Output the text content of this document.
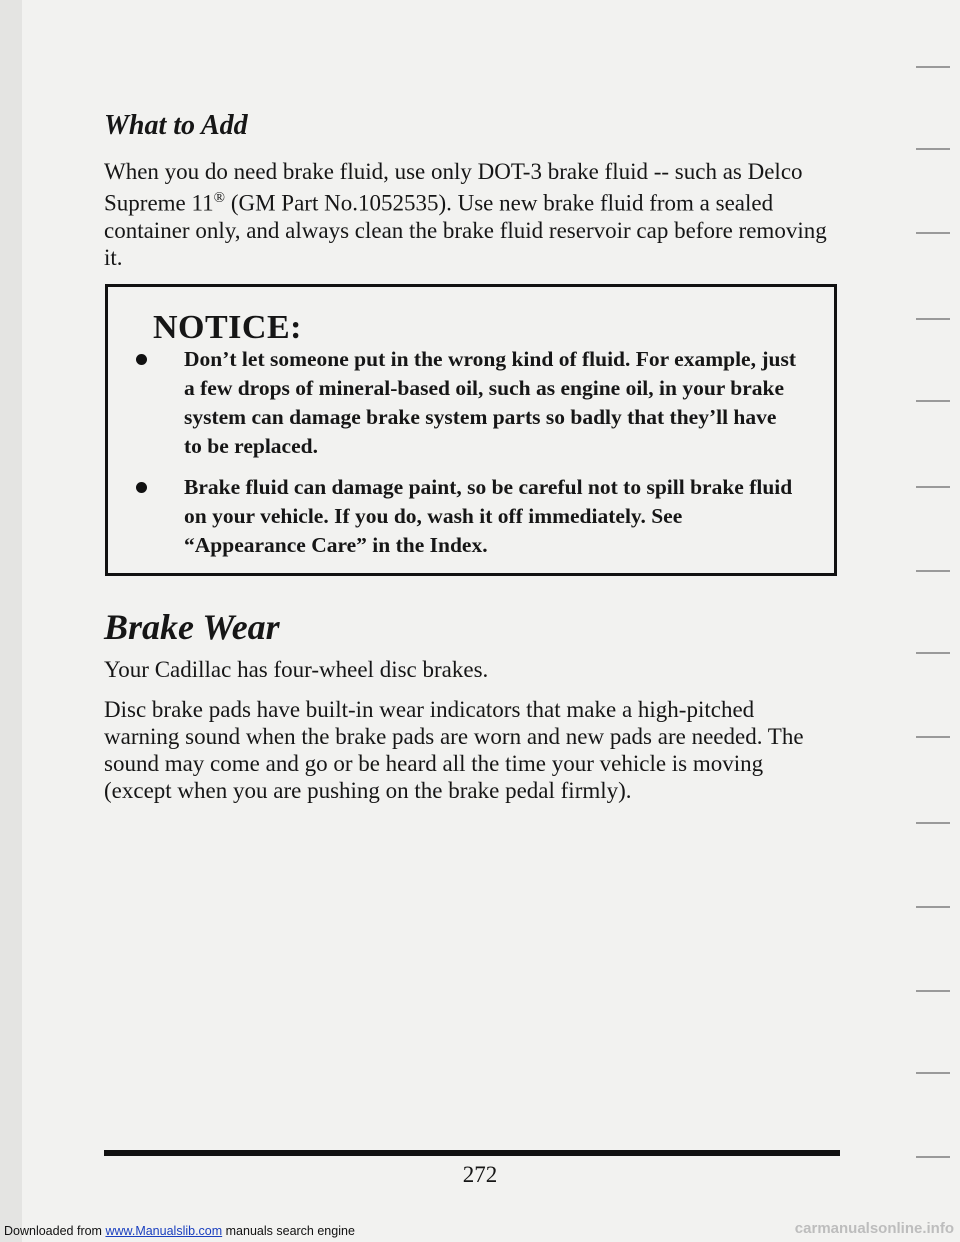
What to Add

When you do need brake fluid, use only DOT-3 brake fluid -- such as Delco Supreme 11® (GM Part No.1052535). Use new brake fluid from a sealed container only, and always clean the brake fluid reservoir cap before removing it.

NOTICE:
Don’t let someone put in the wrong kind of fluid. For example, just a few drops of mineral-based oil, such as engine oil, in your brake system can damage brake system parts so badly that they’ll have to be replaced.
Brake fluid can damage paint, so be careful not to spill brake fluid on your vehicle. If you do, wash it off immediately. See “Appearance Care” in the Index.
Brake Wear

Your Cadillac has four-wheel disc brakes.

Disc brake pads have built-in wear indicators that make a high-pitched warning sound when the brake pads are worn and new pads are needed. The sound may come and go or be heard all the time your vehicle is moving (except when you are pushing on the brake pedal firmly).

272
Downloaded from www.Manualslib.com manuals search engine	carmanualsonline.info
